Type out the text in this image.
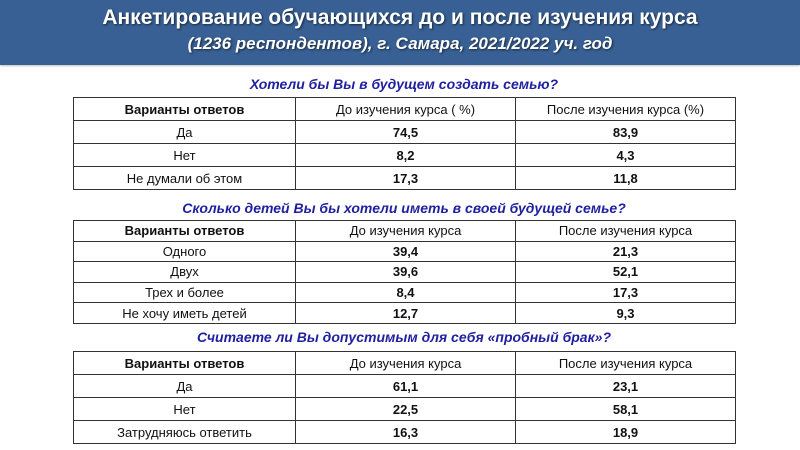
Анкетирование обучающихся до и после изучения курса
(1236 респондентов), г. Самара, 2021/2022 уч. год
Хотели бы Вы в будущем создать семью?
Варианты ответов	До изучения курса ( %)	После изучения курса (%)
Да	74,5	83,9
Нет	8,2	4,3
Не думали об этом	17,3	11,8
Сколько детей Вы бы хотели иметь в своей будущей семье?
Варианты ответов	До изучения курса	После изучения курса
Одного	39,4	21,3
Двух	39,6	52,1
Трех и более	8,4	17,3
Не хочу иметь детей	12,7	9,3
Считаете ли Вы допустимым для себя «пробный брак»?
Варианты ответов	До изучения курса	После изучения курса
Да	61,1	23,1
Нет	22,5	58,1
Затрудняюсь ответить	16,3	18,9
